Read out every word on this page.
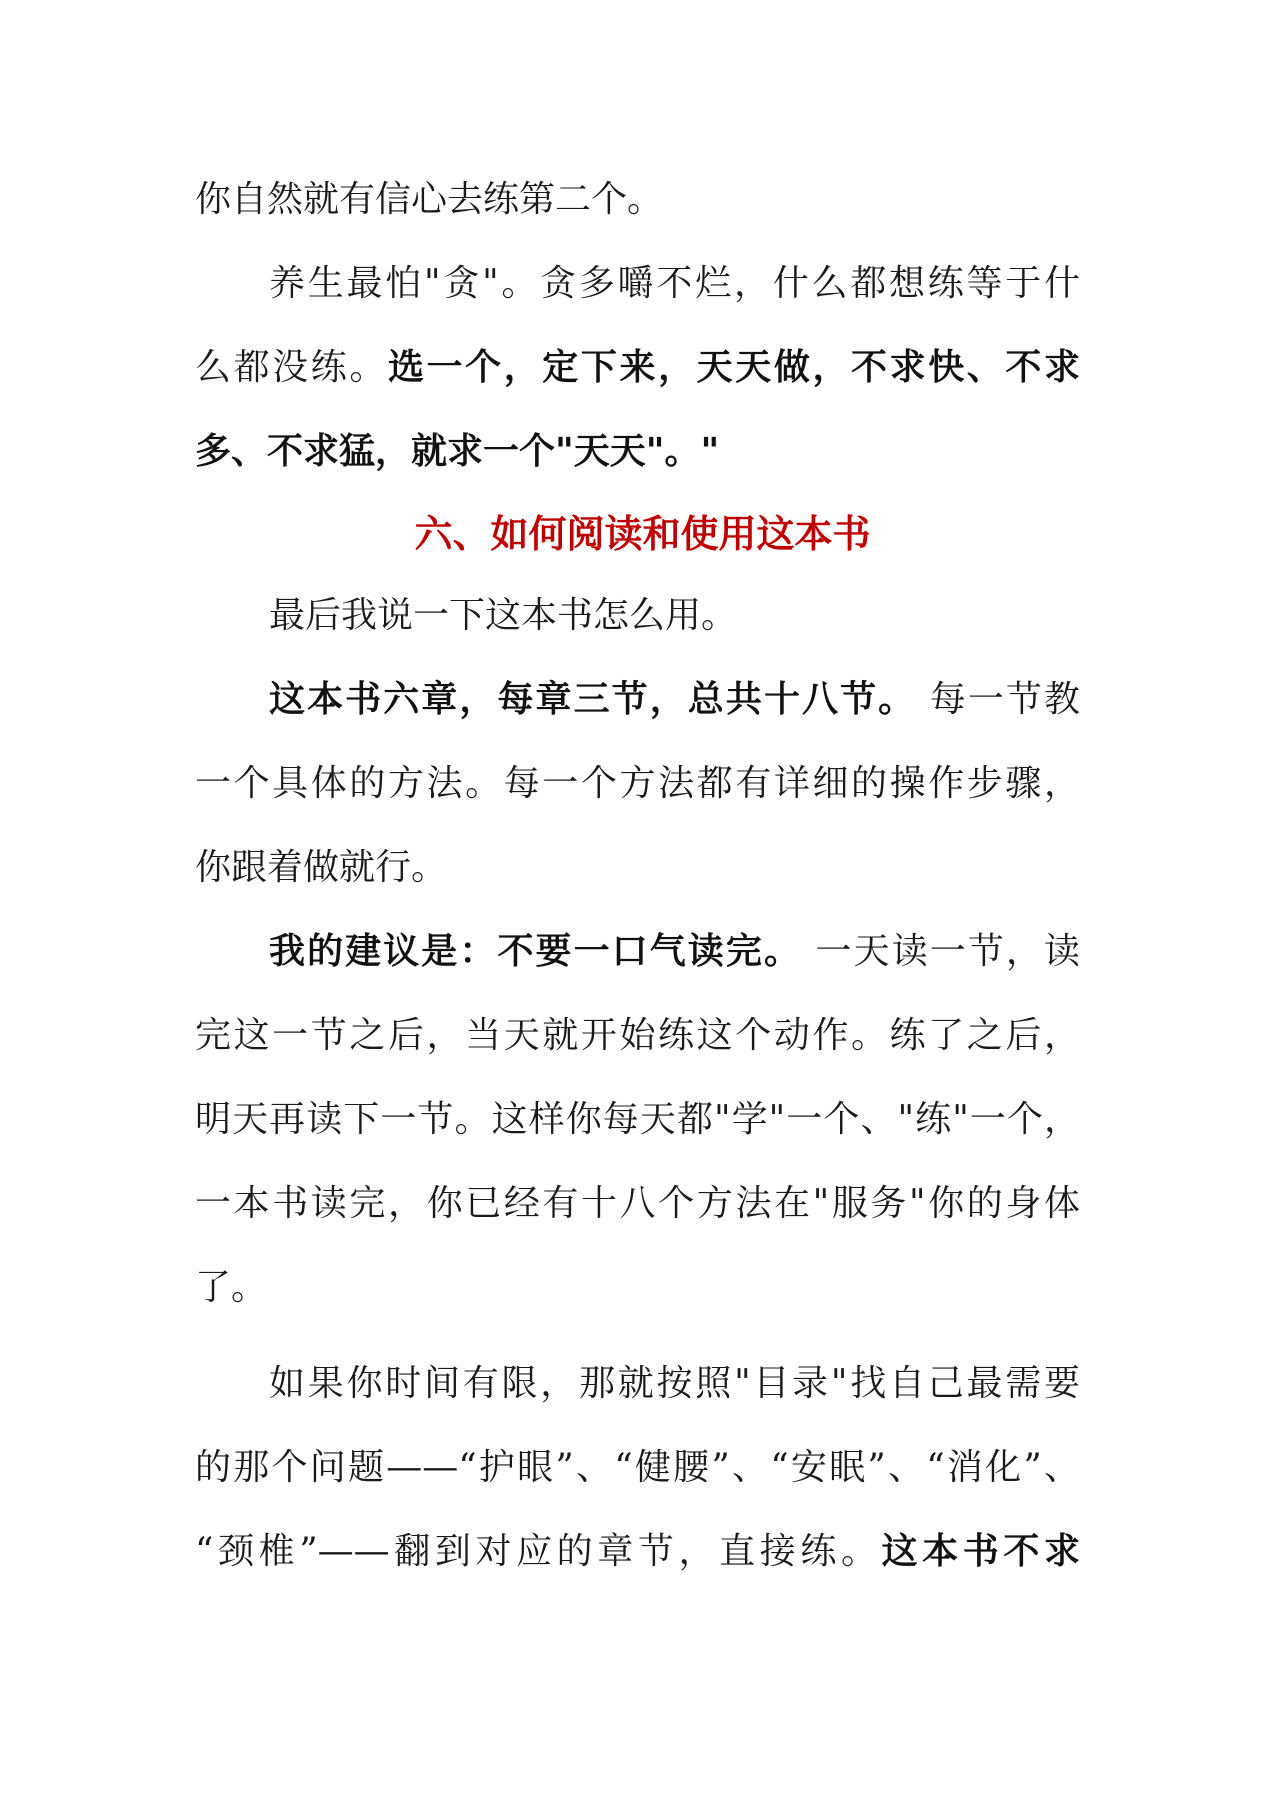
你自然就有信心去练第二个。
养生最怕"贪"。贪多嚼不烂，什么都想练等于什
么都没练。选一个，定下来，天天做，不求快、不求
多、不求猛，就求一个"天天"。"
六、如何阅读和使用这本书
最后我说一下这本书怎么用。
这本书六章，每章三节，总共十八节。 每一节教
一个具体的方法。每一个方法都有详细的操作步骤，
你跟着做就行。
我的建议是：不要一口气读完。 一天读一节，读
完这一节之后，当天就开始练这个动作。练了之后，
明天再读下一节。这样你每天都"学"一个、"练"一个，
一本书读完，你已经有十八个方法在"服务"你的身体
了。
如果你时间有限，那就按照"目录"找自己最需要
的那个问题——“护眼”、“健腰”、“安眠”、“消化”、
“颈椎”——翻到对应的章节，直接练。这本书不求
